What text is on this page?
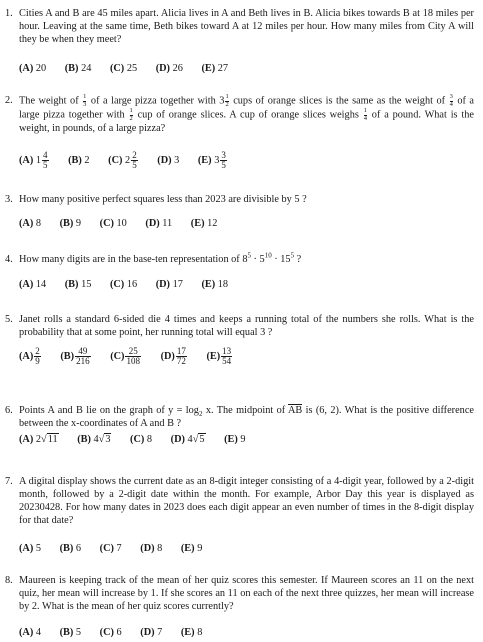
1. Cities A and B are 45 miles apart. Alicia lives in A and Beth lives in B. Alicia bikes towards B at 18 miles per hour. Leaving at the same time, Beth bikes toward A at 12 miles per hour. How many miles from City A will they be when they meet?
(A) 20 (B) 24 (C) 25 (D) 26 (E) 27
2. The weight of $\frac{1}{3}$ of a large pizza together with $3 \frac{1}{2}$ cups of orange slices is the same as the weight of $\frac{3}{4}$ of a large pizza together with $\frac{1}{2}$ cup of orange slices. A cup of orange slices weighs $\frac{1}{4}$ of a pound. What is the weight, in pounds, of a large pizza?
(A) $1 \frac{4}{5} (B)$ 2 (C) $2 \frac{2}{5} (D)$ 3 (E) $3 \frac{3}{5}$
3. How many positive perfect squares less than 2023 are divisible by 5 ?
(A) 8 (B) 9 (C) 10 (D) 11 (E) 12
4. How many digits are in the base-ten representation of $8^5 \cdot 5^{10} \cdot 15^5$ ?
(A) 14 (B) 15 (C) 16 (D) 17 (E) 18
5. Janet rolls a standard 6-sided die 4 times and keeps a running total of the numbers she rolls. What is the probability that at some point, her running total will equal 3 ?
$(A) \frac{2}{9} (B) \frac{49}{216} (C) \frac{25}{108} (D) \frac{17}{72} (E) \frac{13}{54}$
6. Points A and B lie on the graph of $y = \log_2 x$. The midpoint of AB is (6, 2). What is the positive difference between the x-coordinates of A and B ?
(A) 2√11 (B) 4√3 (C) 8 (D) 4√5 (E) 9
7. A digital display shows the current date as an 8-digit integer consisting of a 4-digit year, followed by a 2-digit month, followed by a 2-digit date within the month. For example, Arbor Day this year is displayed as 20230428. For how many dates in 2023 does each digit appear an even number of times in the 8-digit display for that date?
(A) 5 (B) 6 (C) 7 (D) 8 (E) 9
8. Maureen is keeping track of the mean of her quiz scores this semester. If Maureen scores an 11 on the next quiz, her mean will increase by 1. If she scores an 11 on each of the next three quizzes, her mean will increase by 2. What is the mean of her quiz scores currently?
(A) 4 (B) 5 (C) 6 (D) 7 (E) 8
